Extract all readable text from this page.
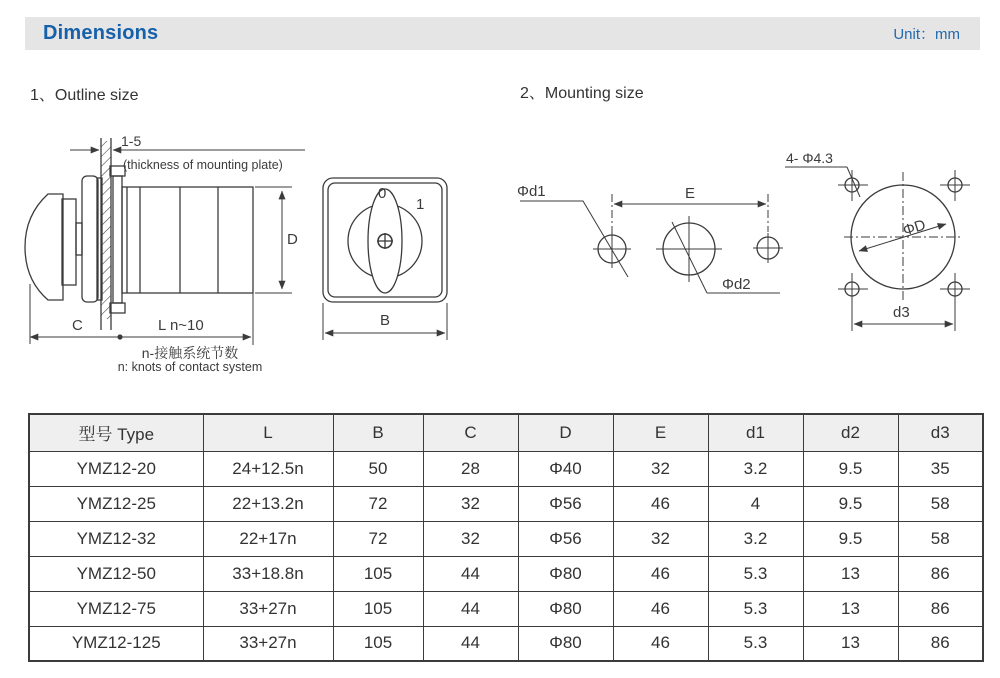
Dimensions	Unit：mm
1、Outline size	2、Mounting size
1-5
(thickness of mounting plate)
D
C	L n~10
n-接触系统节数
n: knots of contact system
0
1
B
Φd1	E
Φd2
4- Φ4.3
ΦD
d3
型号 Type	L	B	C	D	E	d1	d2	d3
YMZ12-20	24+12.5n	50	28	Φ40	32	3.2	9.5	35
YMZ12-25	22+13.2n	72	32	Φ56	46	4	9.5	58
YMZ12-32	22+17n	72	32	Φ56	32	3.2	9.5	58
YMZ12-50	33+18.8n	105	44	Φ80	46	5.3	13	86
YMZ12-75	33+27n	105	44	Φ80	46	5.3	13	86
YMZ12-125	33+27n	105	44	Φ80	46	5.3	13	86
